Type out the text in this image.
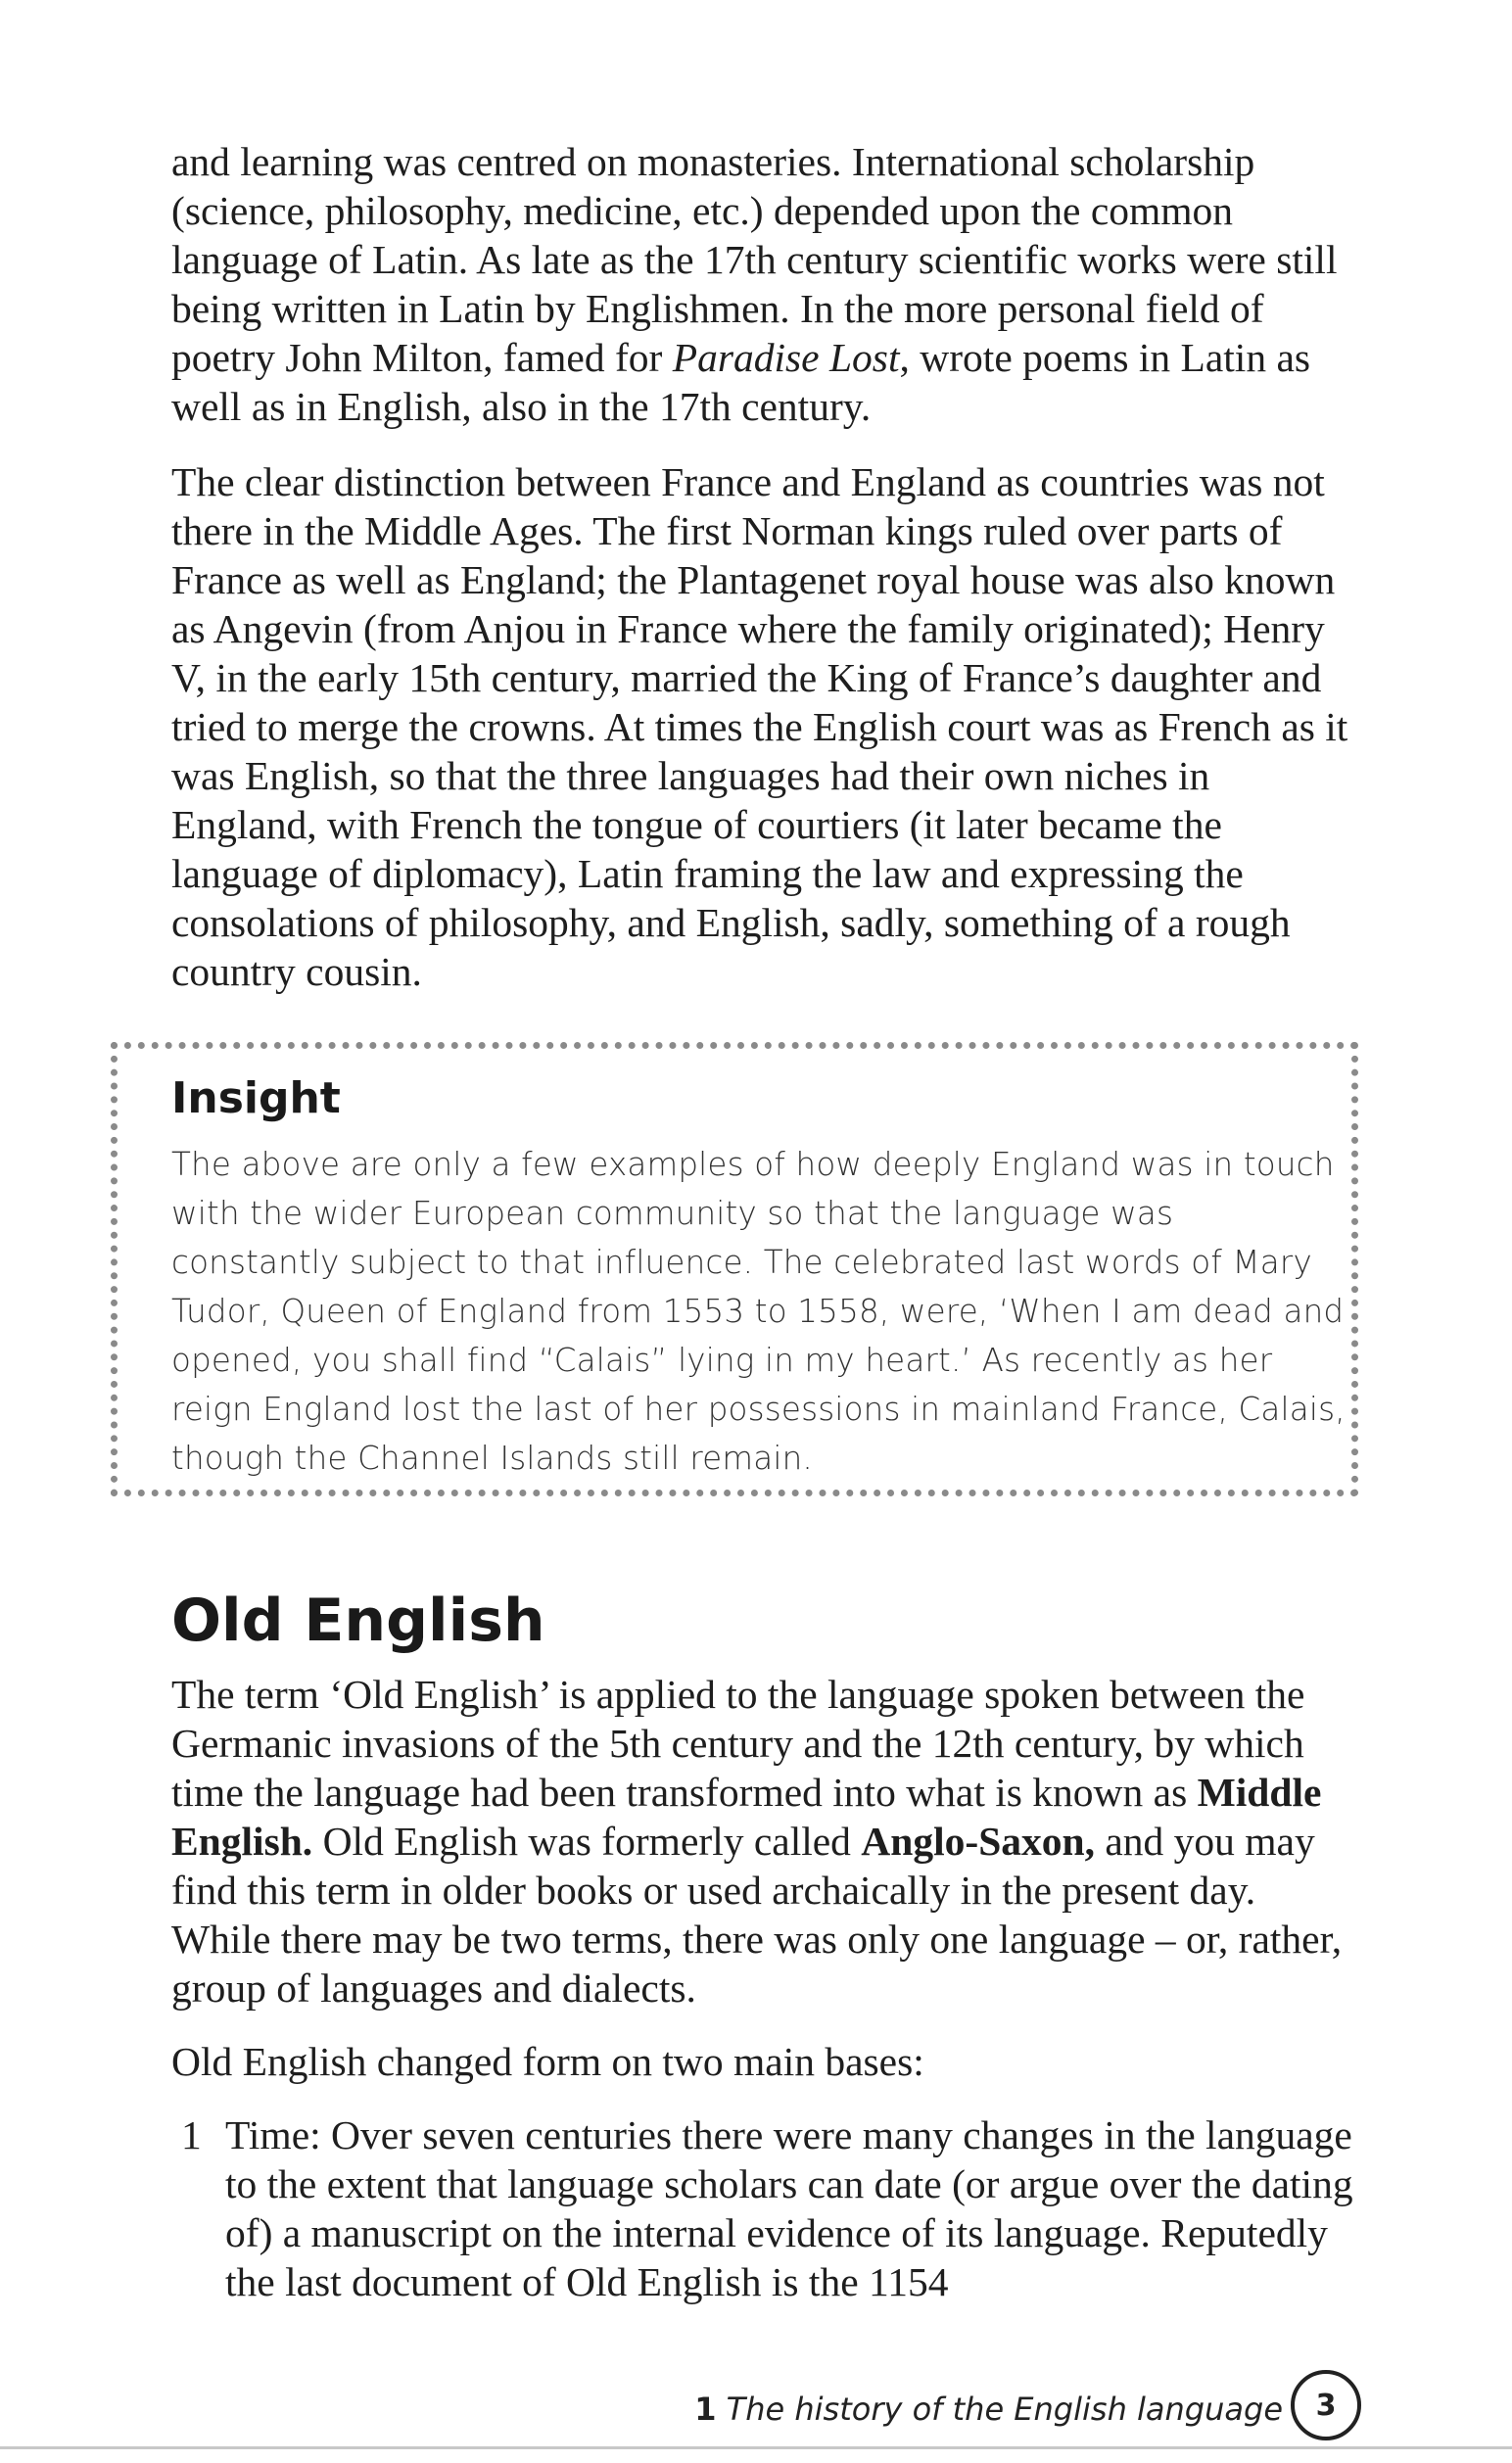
and learning was centred on monasteries. International scholarship (science, philosophy, medicine, etc.) depended upon the common language of Latin. As late as the 17th century scientific works were still being written in Latin by Englishmen. In the more personal field of poetry John Milton, famed for Paradise Lost, wrote poems in Latin as well as in English, also in the 17th century.

The clear distinction between France and England as countries was not there in the Middle Ages. The first Norman kings ruled over parts of France as well as England; the Plantagenet royal house was also known as Angevin (from Anjou in France where the family originated); Henry V, in the early 15th century, married the King of France’s daughter and tried to merge the crowns. At times the English court was as French as it was English, so that the three languages had their own niches in England, with French the tongue of courtiers (it later became the language of diplomacy), Latin framing the law and expressing the consolations of philosophy, and English, sadly, something of a rough country cousin.

Insight

The above are only a few examples of how deeply England was in touch with the wider European community so that the language was constantly subject to that influence. The celebrated last words of Mary Tudor, Queen of England from 1553 to 1558, were, ‘When I am dead and opened, you shall find “Calais” lying in my heart.’ As recently as her reign England lost the last of her possessions in mainland France, Calais, though the Channel Islands still remain.

Old English

The term ‘Old English’ is applied to the language spoken between the Germanic invasions of the 5th century and the 12th century, by which time the language had been transformed into what is known as Middle English. Old English was formerly called Anglo-Saxon, and you may find this term in older books or used archaically in the present day. While there may be two terms, there was only one language – or, rather, group of languages and dialects.

Old English changed form on two main bases:

1 Time: Over seven centuries there were many changes in the language to the extent that language scholars can date (or argue over the dating of) a manuscript on the internal evidence of its language. Reputedly the last document of Old English is the 1154

1 The history of the English language	3
